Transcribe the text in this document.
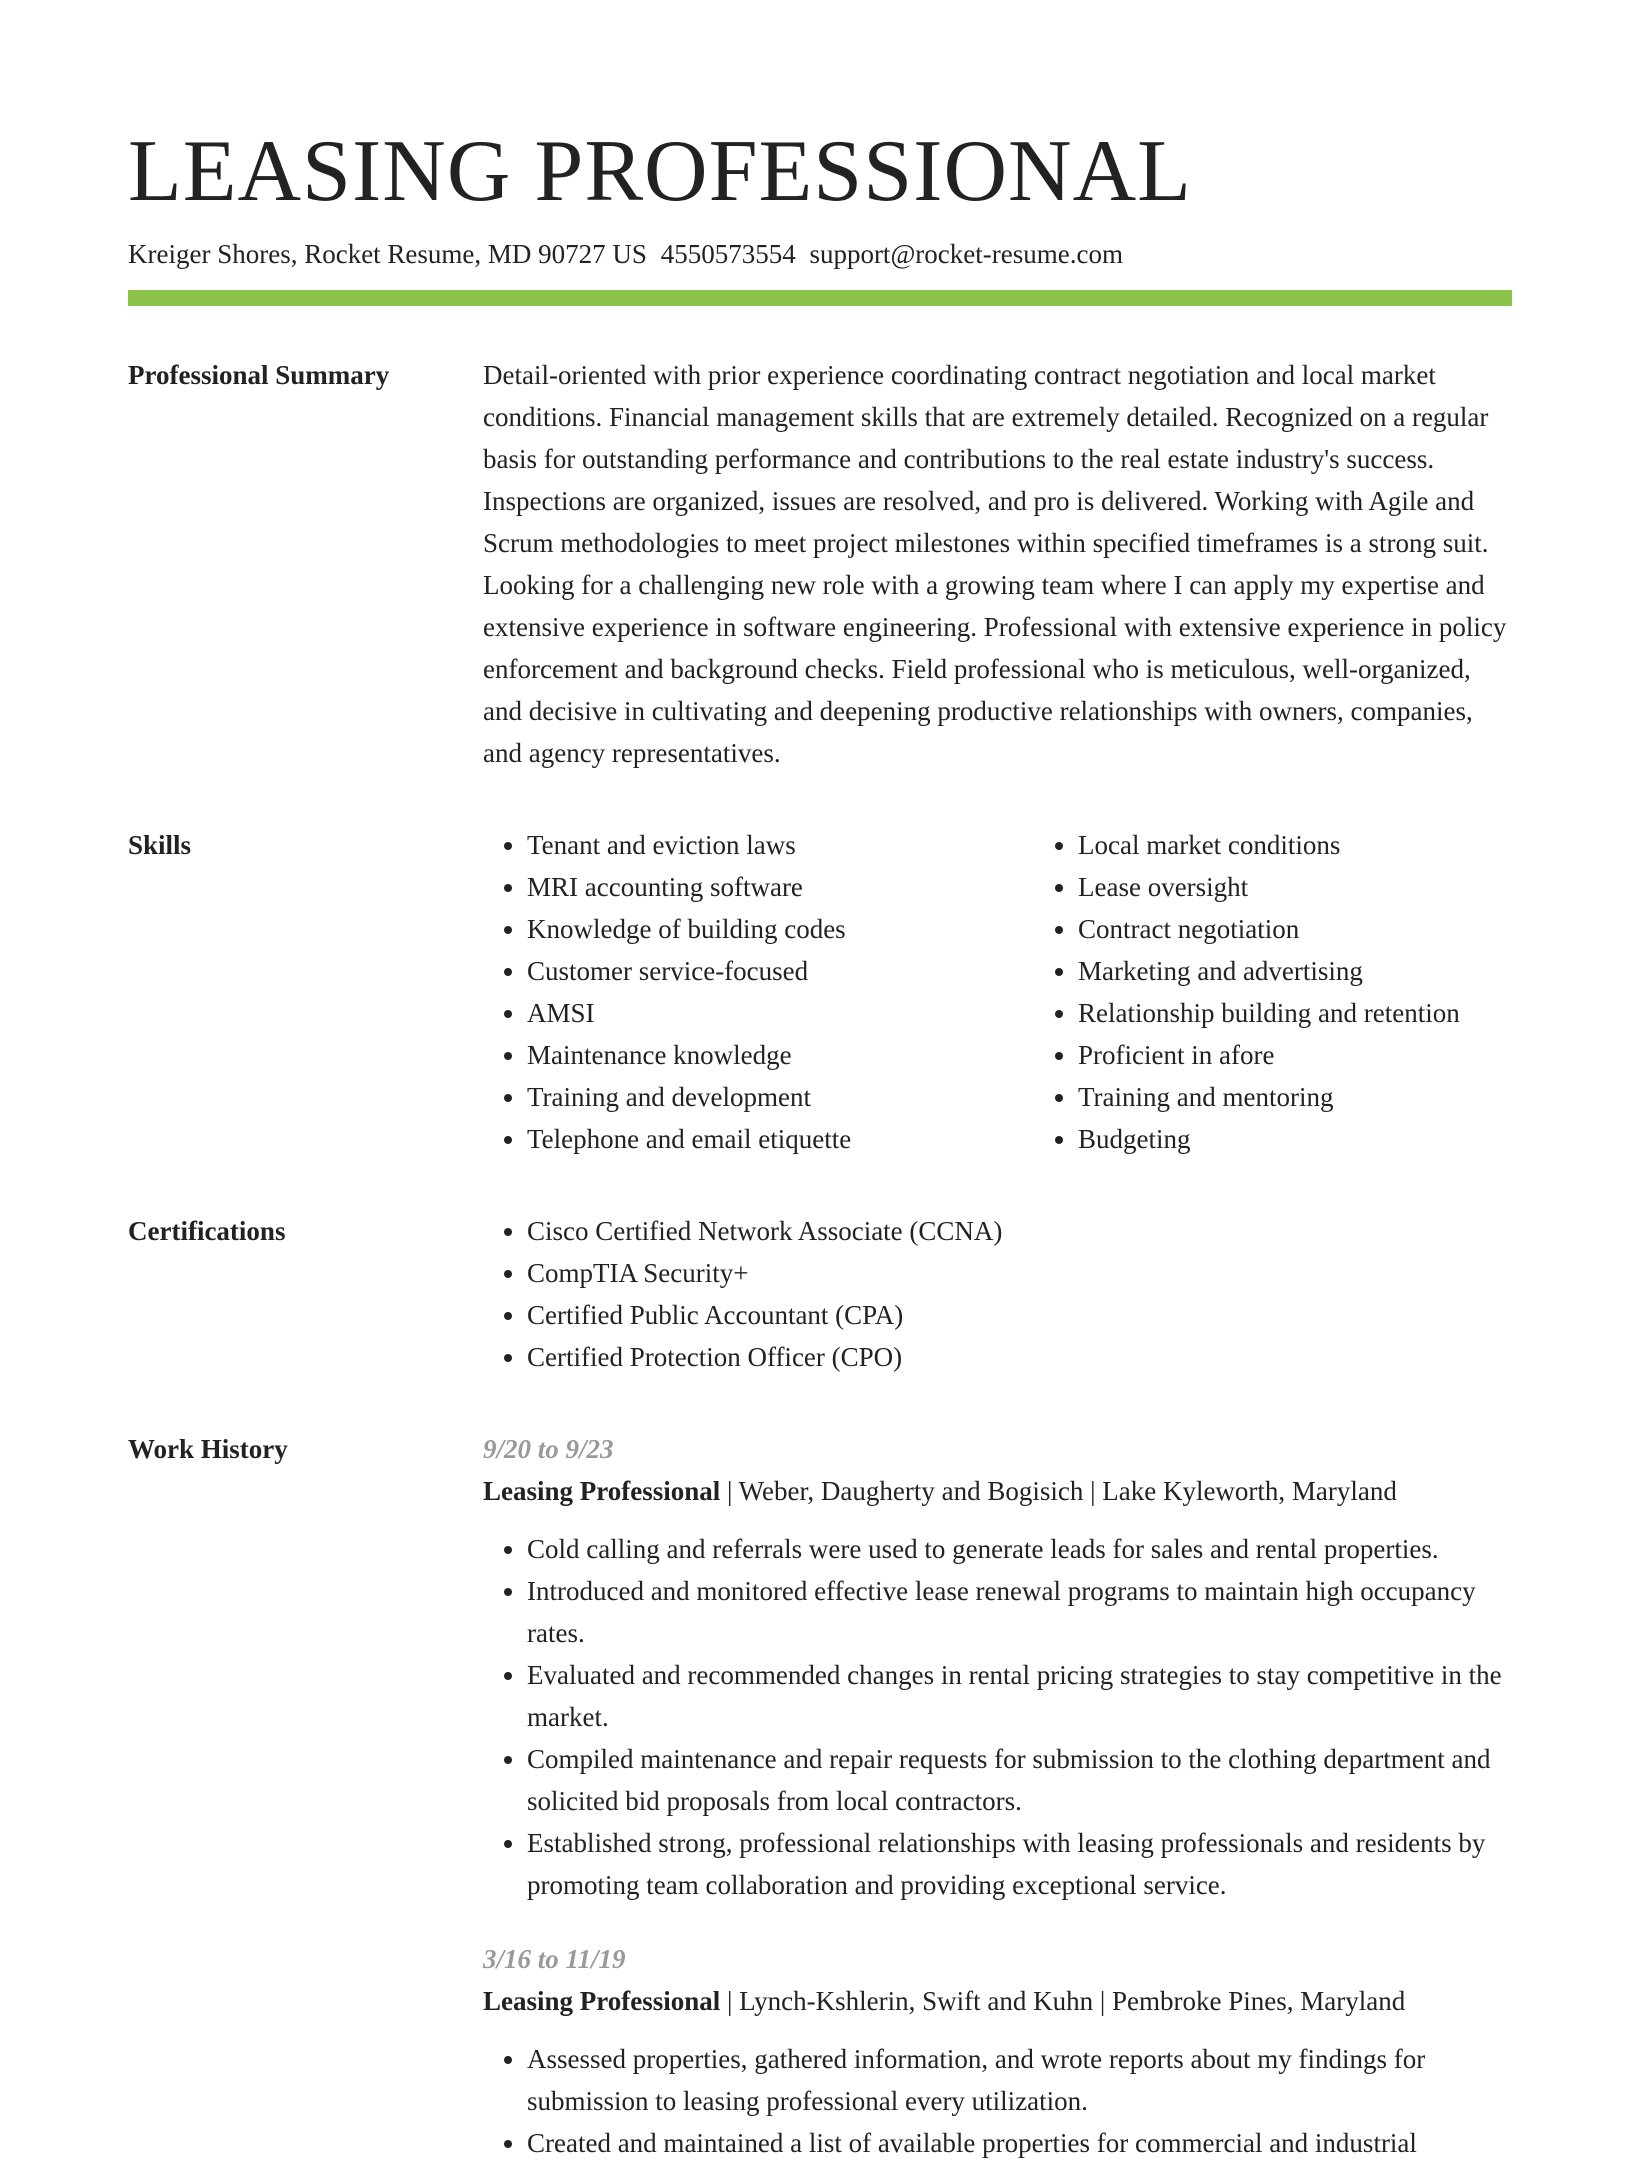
LEASING PROFESSIONAL
Kreiger Shores, Rocket Resume, MD 90727 US 4550573554 support@rocket-resume.com
Professional Summary	Detail-oriented with prior experience coordinating contract negotiation and local market conditions. Financial management skills that are extremely detailed. Recognized on a regular basis for outstanding performance and contributions to the real estate industry's success. Inspections are organized, issues are resolved, and pro is delivered. Working with Agile and Scrum methodologies to meet project milestones within specified timeframes is a strong suit. Looking for a challenging new role with a growing team where I can apply my expertise and extensive experience in software engineering. Professional with extensive experience in policy enforcement and background checks. Field professional who is meticulous, well-organized, and decisive in cultivating and deepening productive relationships with owners, companies, and agency representatives.

Skills	• Tenant and eviction laws
• MRI accounting software
• Knowledge of building codes
• Customer service-focused
• AMSI
• Maintenance knowledge
• Training and development
• Telephone and email etiquette
• Local market conditions
• Lease oversight
• Contract negotiation
• Marketing and advertising
• Relationship building and retention
• Proficient in afore
• Training and mentoring
• Budgeting
Certifications	• Cisco Certified Network Associate (CCNA)
• CompTIA Security+
• Certified Public Accountant (CPA)
• Certified Protection Officer (CPO)
Work History	9/20 to 9/23
Leasing Professional | Weber, Daugherty and Bogisich | Lake Kyleworth, Maryland
• Cold calling and referrals were used to generate leads for sales and rental properties.
• Introduced and monitored effective lease renewal programs to maintain high occupancy rates.
• Evaluated and recommended changes in rental pricing strategies to stay competitive in the market.
• Compiled maintenance and repair requests for submission to the clothing department and solicited bid proposals from local contractors.
• Established strong, professional relationships with leasing professionals and residents by promoting team collaboration and providing exceptional service.
3/16 to 11/19
Leasing Professional | Lynch-Kshlerin, Swift and Kuhn | Pembroke Pines, Maryland
• Assessed properties, gathered information, and wrote reports about my findings for submission to leasing professional every utilization.
• Created and maintained a list of available properties for commercial and industrial
